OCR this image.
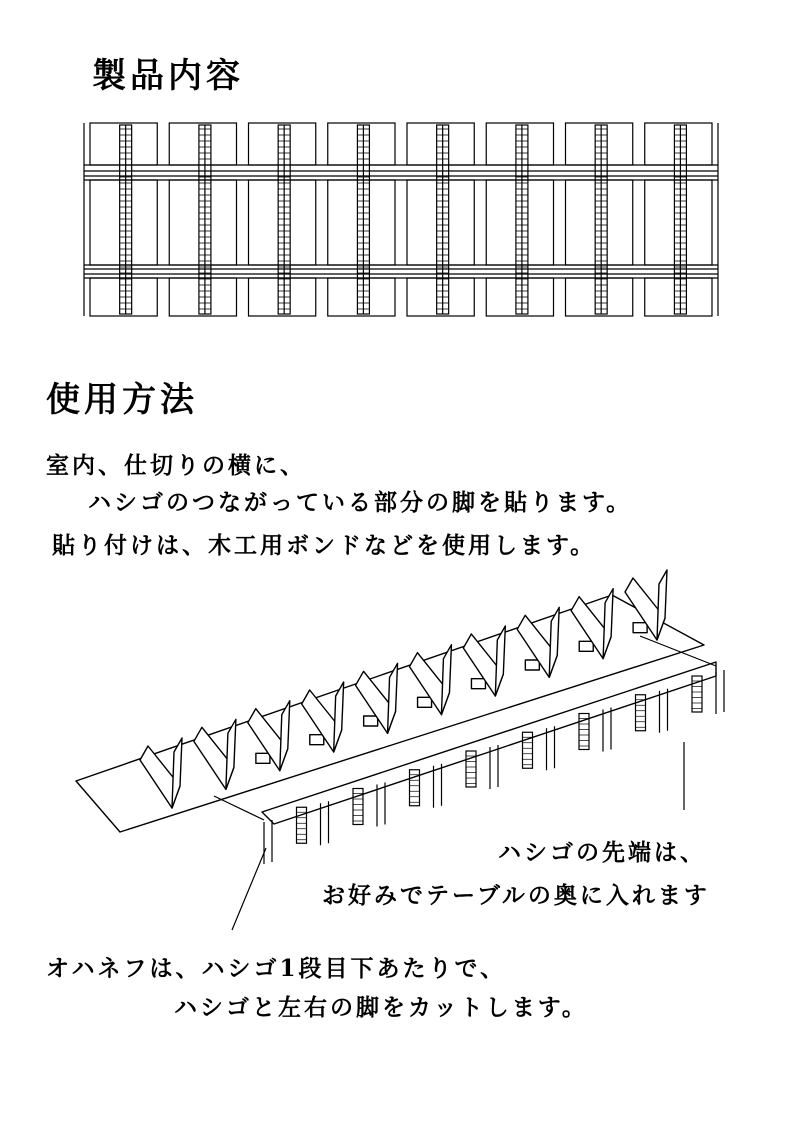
製品内容
使用方法

室内、仕切りの横に、

ハシゴのつながっている部分の脚を貼ります。

貼り付けは、木工用ボンドなどを使用します。

ハシゴの先端は、

お好みでテーブルの奥に入れます

オハネフは、ハシゴ1段目下あたりで、

ハシゴと左右の脚をカットします。
